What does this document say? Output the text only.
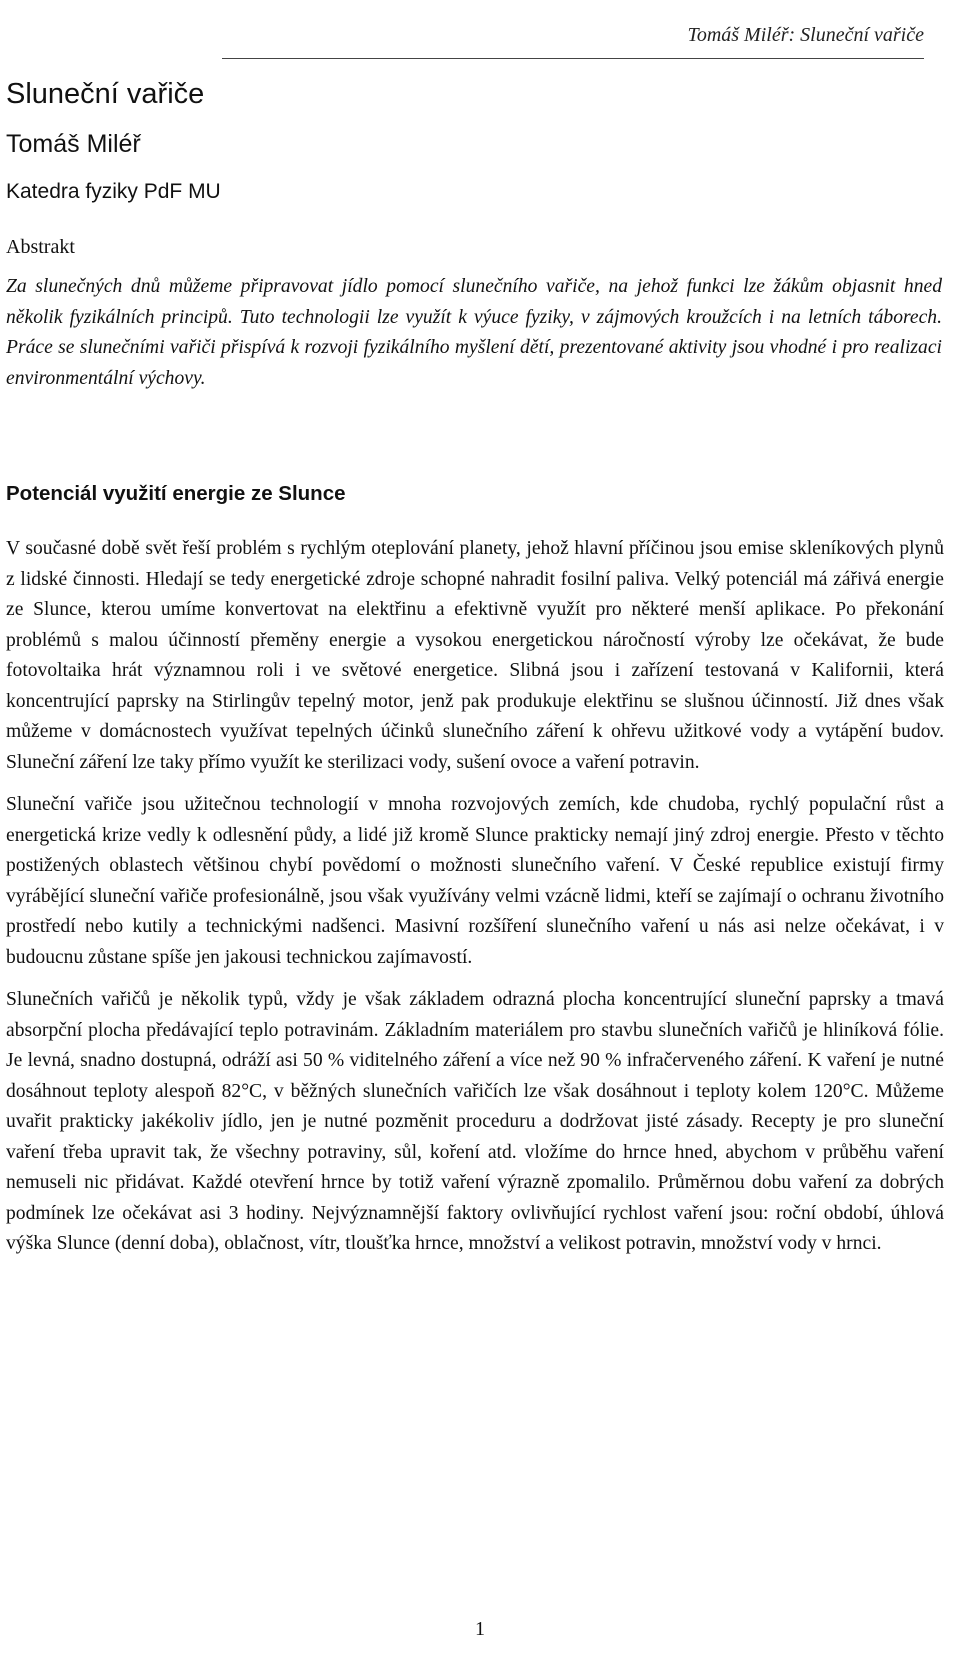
Tomáš Miléř: Sluneční vařiče
Sluneční vařiče

Tomáš Miléř

Katedra fyziky PdF MU

Abstrakt

Za slunečných dnů můžeme připravovat jídlo pomocí slunečního vařiče, na jehož funkci lze žákům objasnit hned několik fyzikálních principů. Tuto technologii lze využít k výuce fyziky, v zájmových kroužcích i na letních táborech. Práce se slunečními vařiči přispívá k rozvoji fyzikálního myšlení dětí, prezentované aktivity jsou vhodné i pro realizaci environmentální výchovy.

Potenciál využití energie ze Slunce

V současné době svět řeší problém s rychlým oteplování planety, jehož hlavní příčinou jsou emise skleníkových plynů z lidské činnosti. Hledají se tedy energetické zdroje schopné nahradit fosilní paliva. Velký potenciál má zářivá energie ze Slunce, kterou umíme konvertovat na elektřinu a efektivně využít pro některé menší aplikace. Po překonání problémů s malou účinností přeměny energie a vysokou energetickou náročností výroby lze očekávat, že bude fotovoltaika hrát významnou roli i ve světové energetice. Slibná jsou i zařízení testovaná v Kalifornii, která koncentrující paprsky na Stirlingův tepelný motor, jenž pak produkuje elektřinu se slušnou účinností. Již dnes však můžeme v domácnostech využívat tepelných účinků slunečního záření k ohřevu užitkové vody a vytápění budov. Sluneční záření lze taky přímo využít ke sterilizaci vody, sušení ovoce a vaření potravin.

Sluneční vařiče jsou užitečnou technologií v mnoha rozvojových zemích, kde chudoba, rychlý populační růst a energetická krize vedly k odlesnění půdy, a lidé již kromě Slunce prakticky nemají jiný zdroj energie. Přesto v těchto postižených oblastech většinou chybí povědomí o možnosti slunečního vaření. V České republice existují firmy vyrábějící sluneční vařiče profesionálně, jsou však využívány velmi vzácně lidmi, kteří se zajímají o ochranu životního prostředí nebo kutily a technickými nadšenci. Masivní rozšíření slunečního vaření u nás asi nelze očekávat, i v budoucnu zůstane spíše jen jakousi technickou zajímavostí.

Slunečních vařičů je několik typů, vždy je však základem odrazná plocha koncentrující sluneční paprsky a tmavá absorpční plocha předávající teplo potravinám. Základním materiálem pro stavbu slunečních vařičů je hliníková fólie. Je levná, snadno dostupná, odráží asi 50 % viditelného záření a více než 90 % infračerveného záření. K vaření je nutné dosáhnout teploty alespoň 82°C, v běžných slunečních vařičích lze však dosáhnout i teploty kolem 120°C. Můžeme uvařit prakticky jakékoliv jídlo, jen je nutné pozměnit proceduru a dodržovat jisté zásady. Recepty je pro sluneční vaření třeba upravit tak, že všechny potraviny, sůl, koření atd. vložíme do hrnce hned, abychom v průběhu vaření nemuseli nic přidávat. Každé otevření hrnce by totiž vaření výrazně zpomalilo. Průměrnou dobu vaření za dobrých podmínek lze očekávat asi 3 hodiny. Nejvýznamnější faktory ovlivňující rychlost vaření jsou: roční období, úhlová výška Slunce (denní doba), oblačnost, vítr, tloušťka hrnce, množství a velikost potravin, množství vody v hrnci.

1
